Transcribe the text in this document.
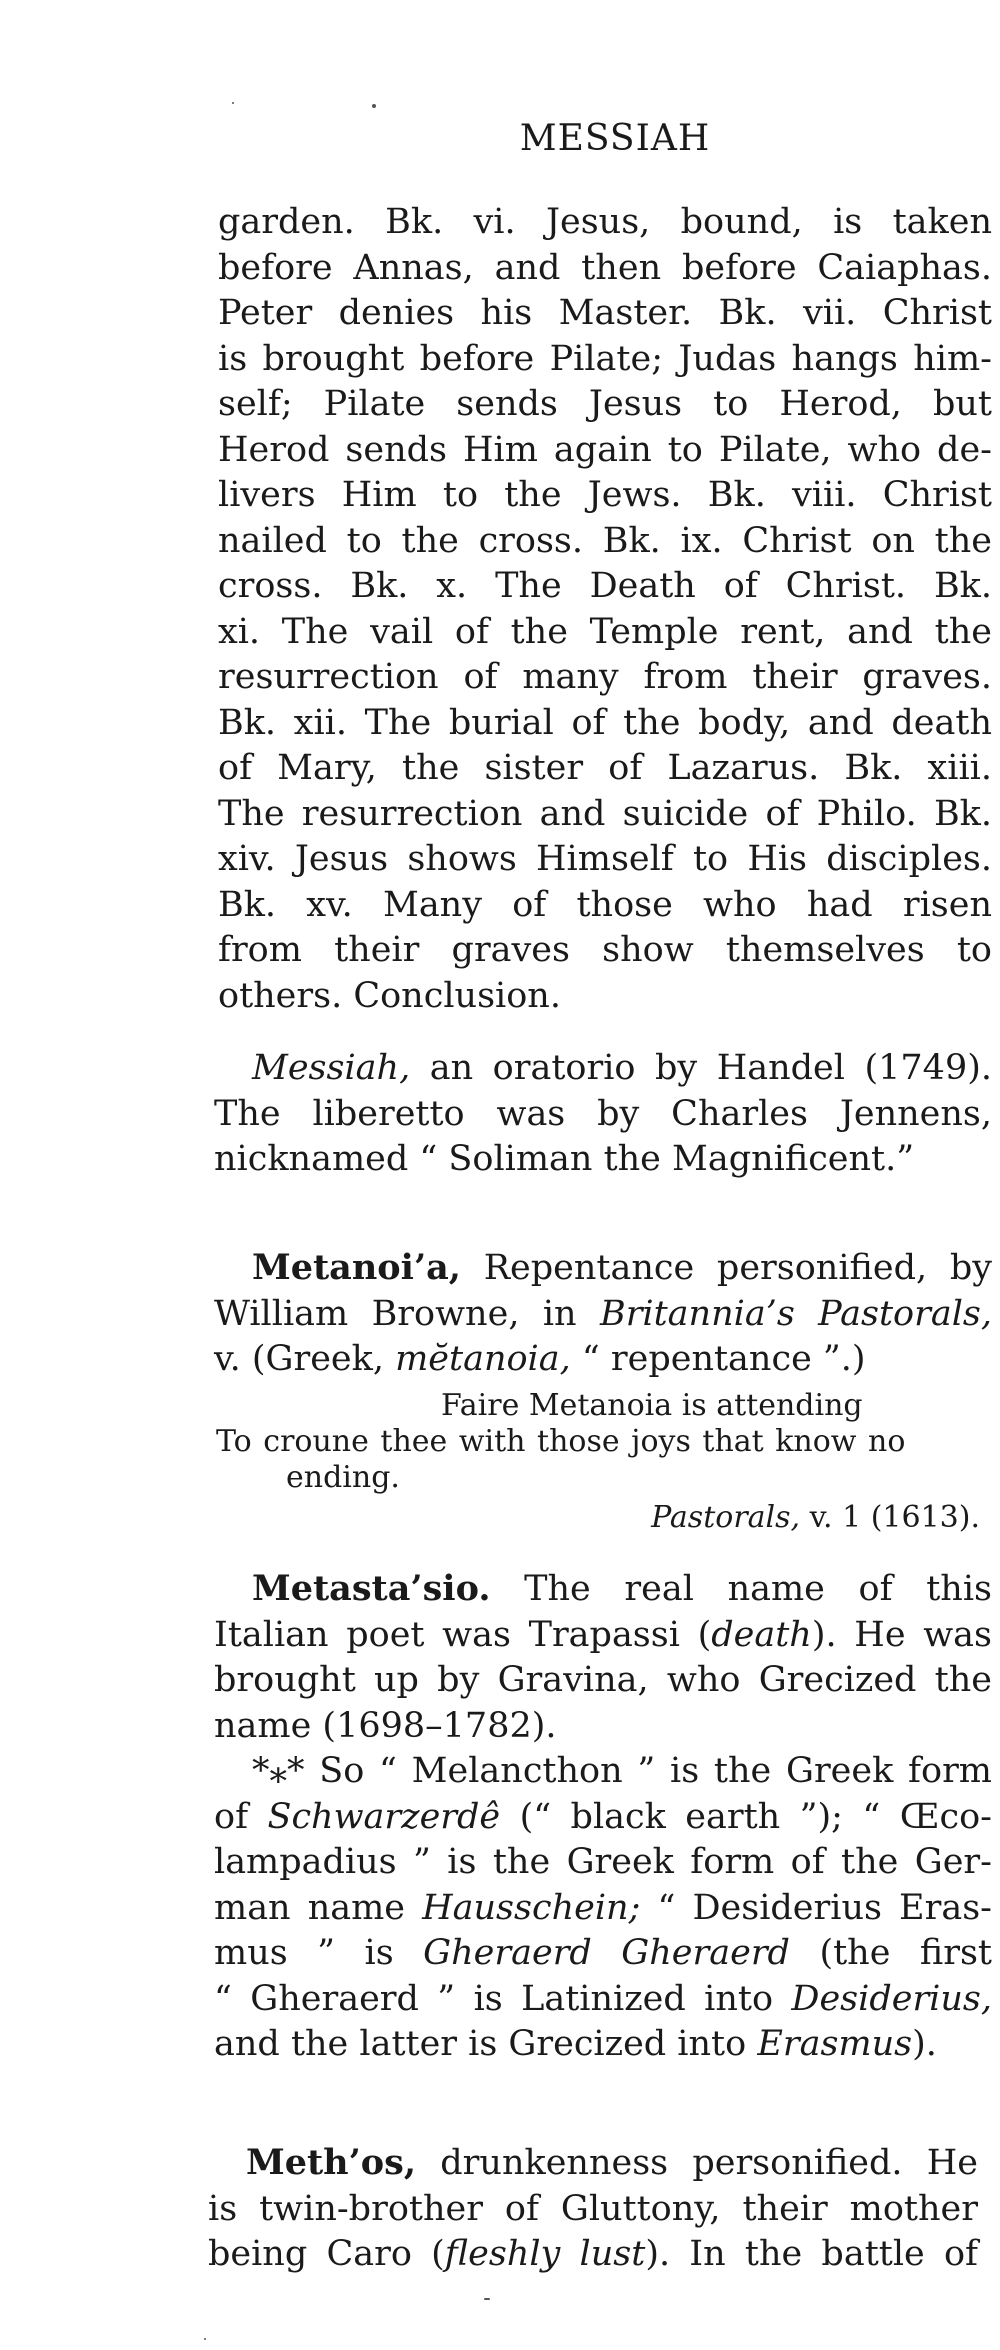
MESSIAH
garden. Bk. vi. Jesus, bound, is taken
before Annas, and then before Caiaphas.
Peter denies his Master. Bk. vii. Christ
is brought before Pilate; Judas hangs him-
self; Pilate sends Jesus to Herod, but
Herod sends Him again to Pilate, who de-
livers Him to the Jews. Bk. viii. Christ
nailed to the cross. Bk. ix. Christ on the
cross. Bk. x. The Death of Christ. Bk.
xi. The vail of the Temple rent, and the
resurrection of many from their graves.
Bk. xii. The burial of the body, and death
of Mary, the sister of Lazarus. Bk. xiii.
The resurrection and suicide of Philo. Bk.
xiv. Jesus shows Himself to His disciples.
Bk. xv. Many of those who had risen
from their graves show themselves to
others. Conclusion.
Messiah, an oratorio by Handel (1749).
The liberetto was by Charles Jennens,
nicknamed “ Soliman the Magnificent.”
Metanoi’a, Repentance personified, by
William Browne, in Britannia’s Pastorals,
v. (Greek, mĕtanoia, “ repentance ”.)
Faire Metanoia is attending
To croune thee with those joys that know no
ending.
Pastorals, v. 1 (1613).
Metasta’sio. The real name of this
Italian poet was Trapassi (death). He was
brought up by Gravina, who Grecized the
name (1698–1782).
*⁎* So “ Melancthon ” is the Greek form
of Schwarzerdê (“ black earth ”); “ Œco-
lampadius ” is the Greek form of the Ger-
man name Hausschein; “ Desiderius Eras-
mus ” is Gheraerd Gheraerd (the first
“ Gheraerd ” is Latinized into Desiderius,
and the latter is Grecized into Erasmus).
Meth’os, drunkenness personified. He
is twin-brother of Gluttony, their mother
being Caro (fleshly lust). In the battle of
